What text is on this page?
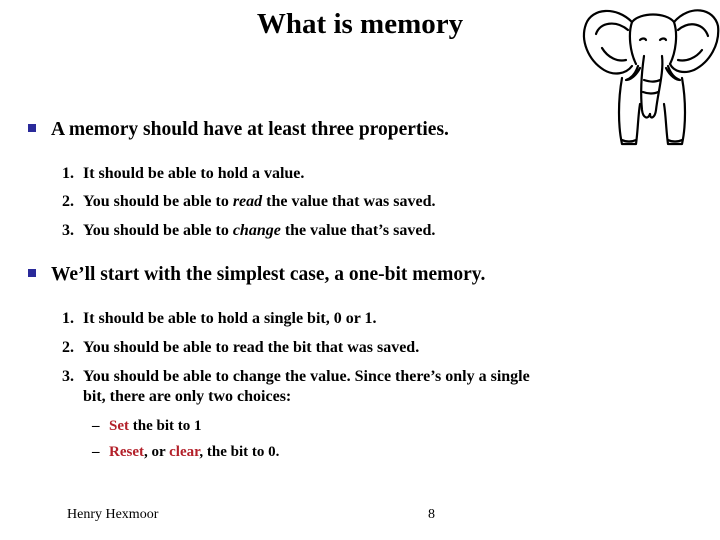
What is memory
A memory should have at least three properties.
1. It should be able to hold a value.
2. You should be able to read the value that was saved.
3. You should be able to change the value that’s saved.
We’ll start with the simplest case, a one-bit memory.
1. It should be able to hold a single bit, 0 or 1.
2. You should be able to read the bit that was saved.
3. You should be able to change the value. Since there’s only a single
bit, there are only two choices:
– Set the bit to 1
– Reset, or clear, the bit to 0.
Henry Hexmoor	8
